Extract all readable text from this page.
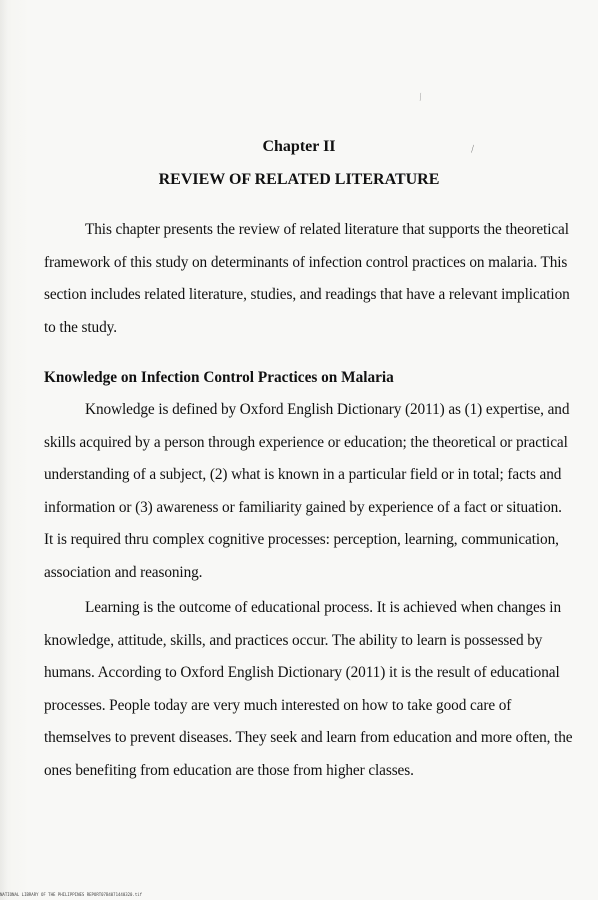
⁄
⁄
Chapter II
REVIEW OF RELATED LITERATURE

This chapter presents the review of related literature that supports the theoretical framework of this study on determinants of infection control practices on malaria. This section includes related literature, studies, and readings that have a relevant implication to the study.

Knowledge on Infection Control Practices on Malaria

Knowledge is defined by Oxford English Dictionary (2011) as (1) expertise, and skills acquired by a person through experience or education; the theoretical or practical understanding of a subject, (2) what is known in a particular field or in total; facts and information or (3) awareness or familiarity gained by experience of a fact or situation. It is required thru complex cognitive processes: perception, learning, communication, association and reasoning.

Learning is the outcome of educational process. It is achieved when changes in knowledge, attitude, skills, and practices occur. The ability to learn is possessed by humans. According to Oxford English Dictionary (2011) it is the result of educational processes. People today are very much interested on how to take good care of themselves to prevent diseases. They seek and learn from education and more often, the ones benefiting from education are those from higher classes.

NATIONAL LIBRARY OF THE PHILIPPINES REPORT07B4071440320.tif
